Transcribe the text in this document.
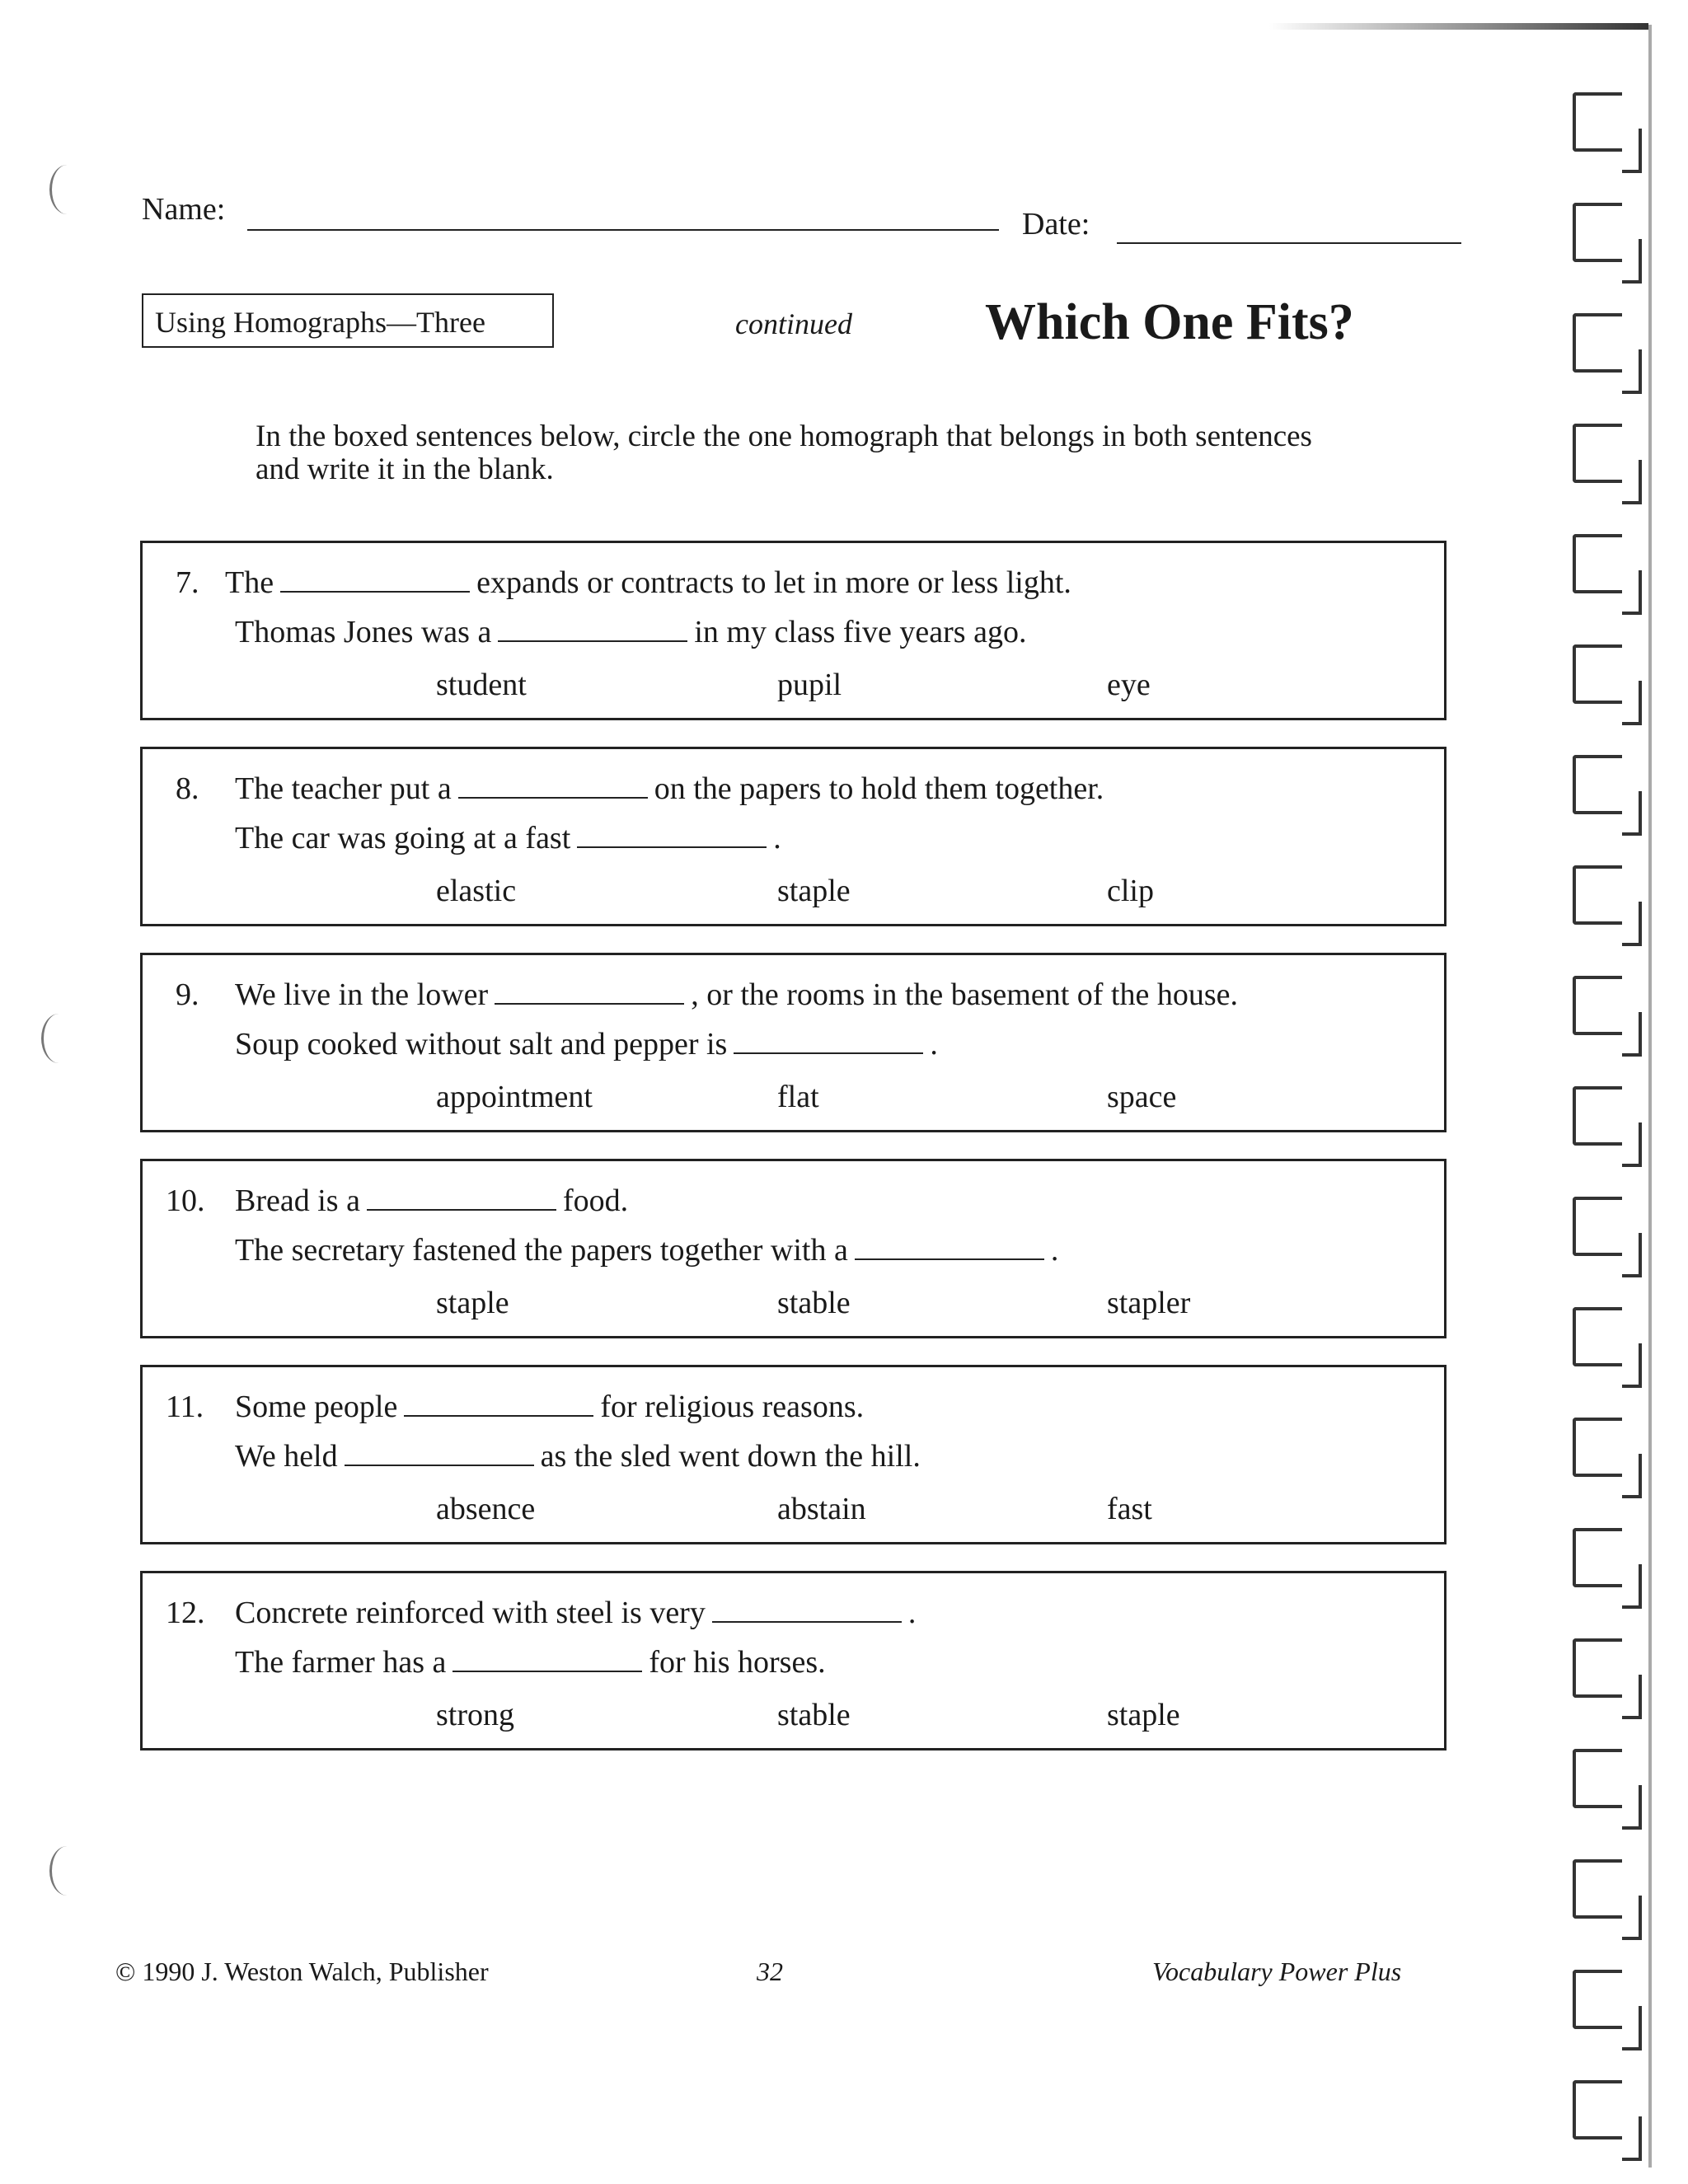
Name:	Date:
Using Homographs—Three	continued	Which One Fits?
In the boxed sentences below, circle the one homograph that belongs in both sentences and write it in the blank.
7. The	expands or contracts to let in more or less light.
Thomas Jones was a	in my class five years ago.
student	pupil	eye
8. The teacher put a	on the papers to hold them together.
The car was going at a fast	.
elastic	staple	clip
9. We live in the lower	, or the rooms in the basement of the house.
Soup cooked without salt and pepper is	.
appointment	flat	space
10. Bread is a	food.
The secretary fastened the papers together with a	.
staple	stable	stapler
11. Some people	for religious reasons.
We held	as the sled went down the hill.
absence	abstain	fast
12. Concrete reinforced with steel is very	.
The farmer has a	for his horses.
strong	stable	staple
© 1990 J. Weston Walch, Publisher	32	Vocabulary Power Plus
